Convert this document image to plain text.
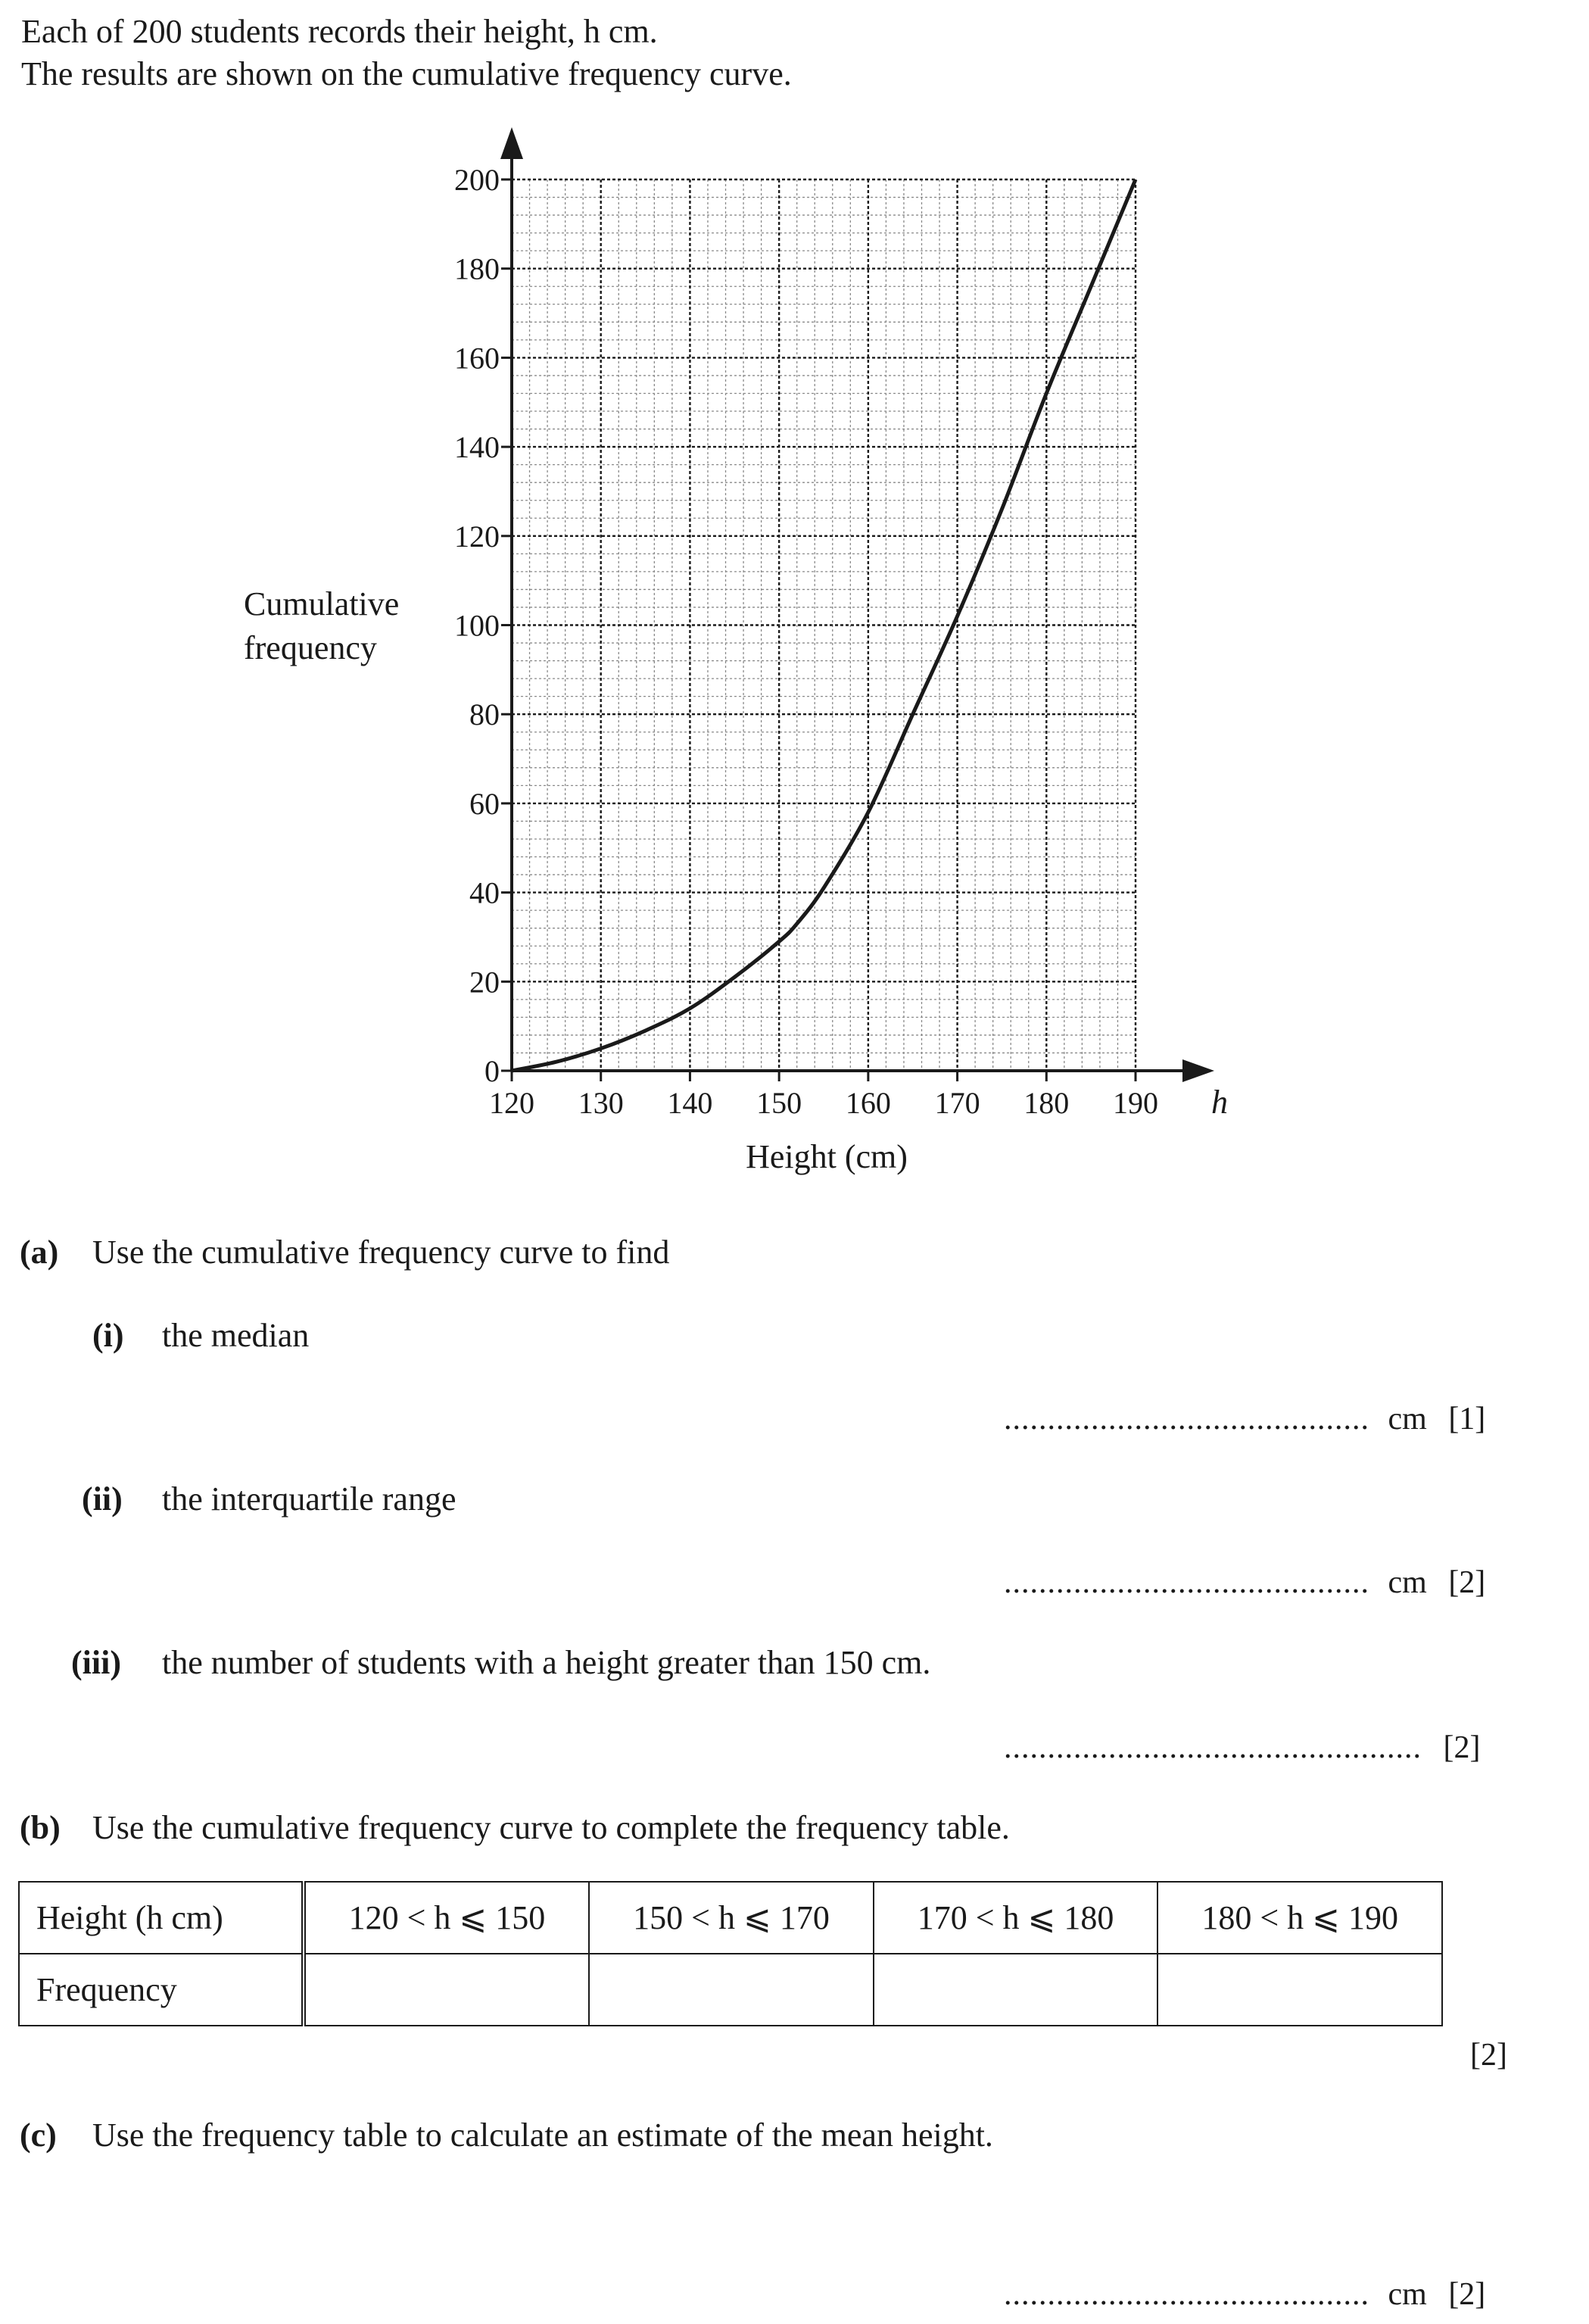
Each of 200 students records their height, h cm.
The results are shown on the cumulative frequency curve.
0
20
40
60
80
100
120
140
160
180
200
120 130 140 150 160 170 180 190
Cumulative
frequency
Height (cm)
h
(a) Use the cumulative frequency curve to find
(i) the median
.......................................... cm [1]
(ii) the interquartile range
.......................................... cm [2]
(iii) the number of students with a height greater than 150 cm.
................................................ [2]
(b) Use the cumulative frequency curve to complete the frequency table.
Height (h cm)	120 < h ⩽ 150	150 < h ⩽ 170	170 < h ⩽ 180	180 < h ⩽ 190
Frequency				
[2]
(c) Use the frequency table to calculate an estimate of the mean height.
.......................................... cm [2]
